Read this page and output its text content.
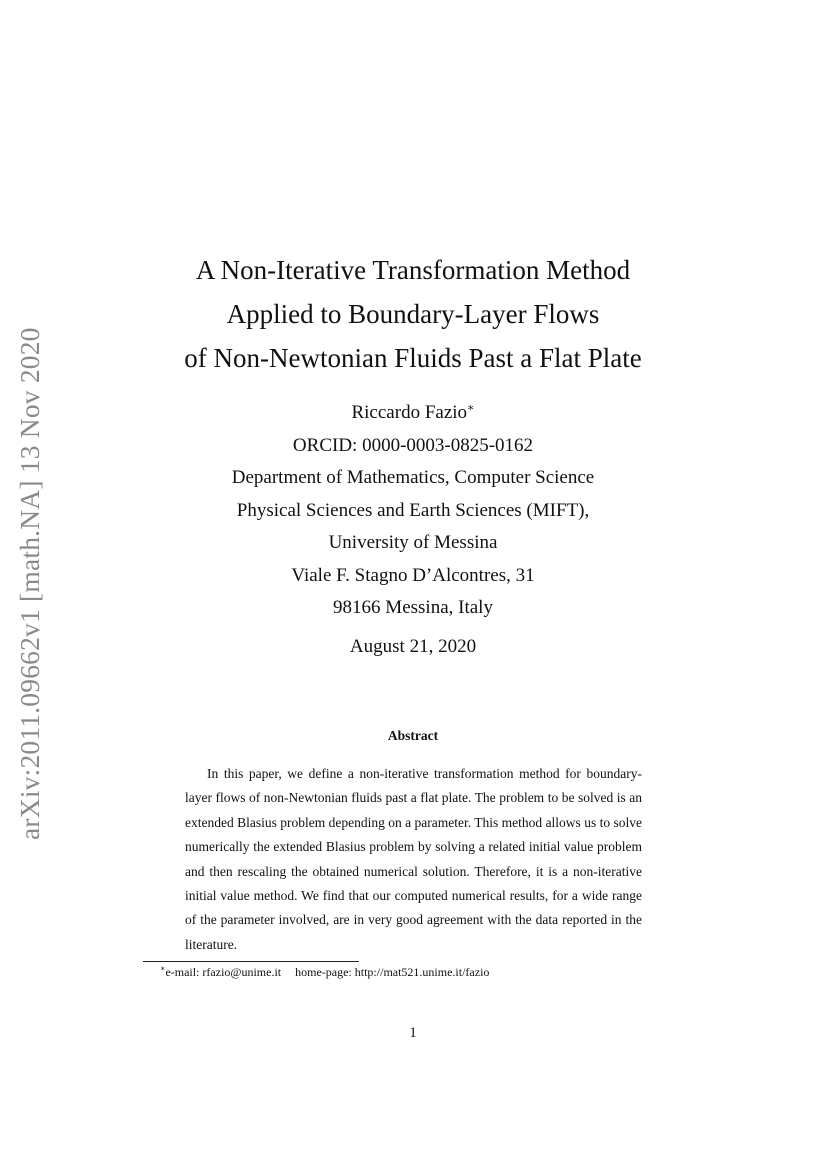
arXiv:2011.09662v1 [math.NA] 13 Nov 2020
A Non-Iterative Transformation Method
Applied to Boundary-Layer Flows
of Non-Newtonian Fluids Past a Flat Plate
Riccardo Fazio∗
ORCID: 0000-0003-0825-0162
Department of Mathematics, Computer Science
Physical Sciences and Earth Sciences (MIFT),
University of Messina
Viale F. Stagno D’Alcontres, 31
98166 Messina, Italy
August 21, 2020
Abstract

In this paper, we define a non-iterative transformation method for boundary-layer flows of non-Newtonian fluids past a flat plate. The problem to be solved is an extended Blasius problem depending on a parameter. This method allows us to solve numerically the extended Blasius problem by solving a related initial value problem and then rescaling the obtained numerical solution. Therefore, it is a non-iterative initial value method. We find that our computed numerical results, for a wide range of the parameter involved, are in very good agreement with the data reported in the literature.

∗e-mail: rfazio@unime.it home-page: http://mat521.unime.it/fazio
1
